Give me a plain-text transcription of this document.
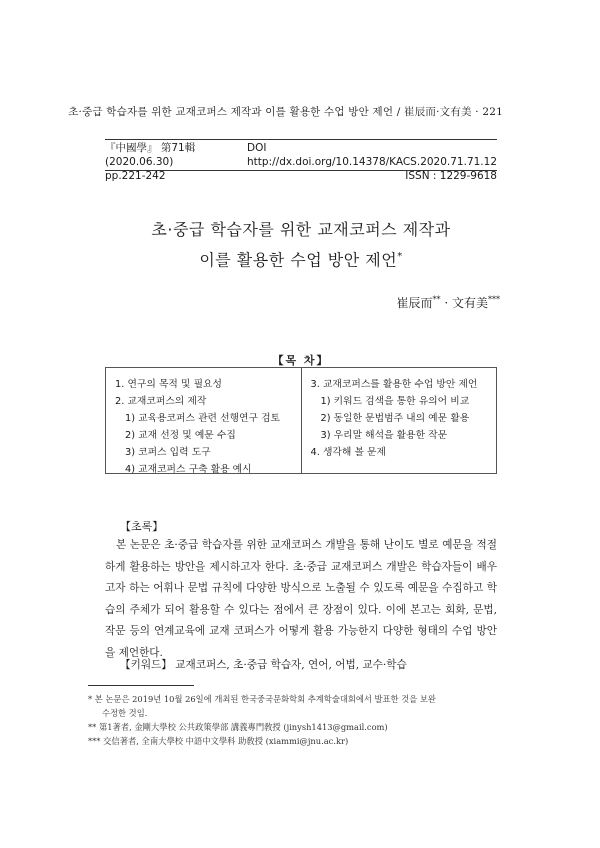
초·중급 학습자를 위한 교재코퍼스 제작과 이를 활용한 수업 방안 제언 / 崔辰而·文有美 · 221
『中國學』 第71輯 (2020.06.30)
DOI http://dx.doi.org/10.14378/KACS.2020.71.71.12
pp.221-242	ISSN : 1229-9618
초·중급 학습자를 위한 교재코퍼스 제작과
이를 활용한 수업 방안 제언*
崔辰而** · 文有美***
【목 차】
1. 연구의 목적 및 필요성
2. 교재코퍼스의 제작
1) 교육용코퍼스 관련 선행연구 검토
2) 교재 선정 및 예문 수집
3) 코퍼스 입력 도구
4) 교재코퍼스 구축 활용 예시
3. 교재코퍼스를 활용한 수업 방안 제언
1) 키워드 검색을 통한 유의어 비교
2) 동일한 문법범주 내의 예문 활용
3) 우리말 해석을 활용한 작문
4. 생각해 볼 문제
【초록】

본 논문은 초·중급 학습자를 위한 교재코퍼스 개발을 통해 난이도 별로 예문을 적절하게 활용하는 방안을 제시하고자 한다. 초·중급 교재코퍼스 개발은 학습자들이 배우고자 하는 어휘나 문법 규칙에 다양한 방식으로 노출될 수 있도록 예문을 수집하고 학습의 주체가 되어 활용할 수 있다는 점에서 큰 장점이 있다. 이에 본고는 회화, 문법, 작문 등의 연계교육에 교재 코퍼스가 어떻게 활용 가능한지 다양한 형태의 수업 방안을 제언한다.

【키워드】 교재코퍼스, 초·중급 학습자, 연어, 어법, 교수·학습
* 본 논문은 2019년 10월 26일에 개최된 한국중국문화학회 추계학술대회에서 발표한 것을 보완
수정한 것임.
** 第1著者, 金剛大學校 公共政策學部 講義專門敎授 (jinysh1413@gmail.com)
*** 交信著者, 全南大學校 中語中文學科 助敎授 (xiammi@jnu.ac.kr)
